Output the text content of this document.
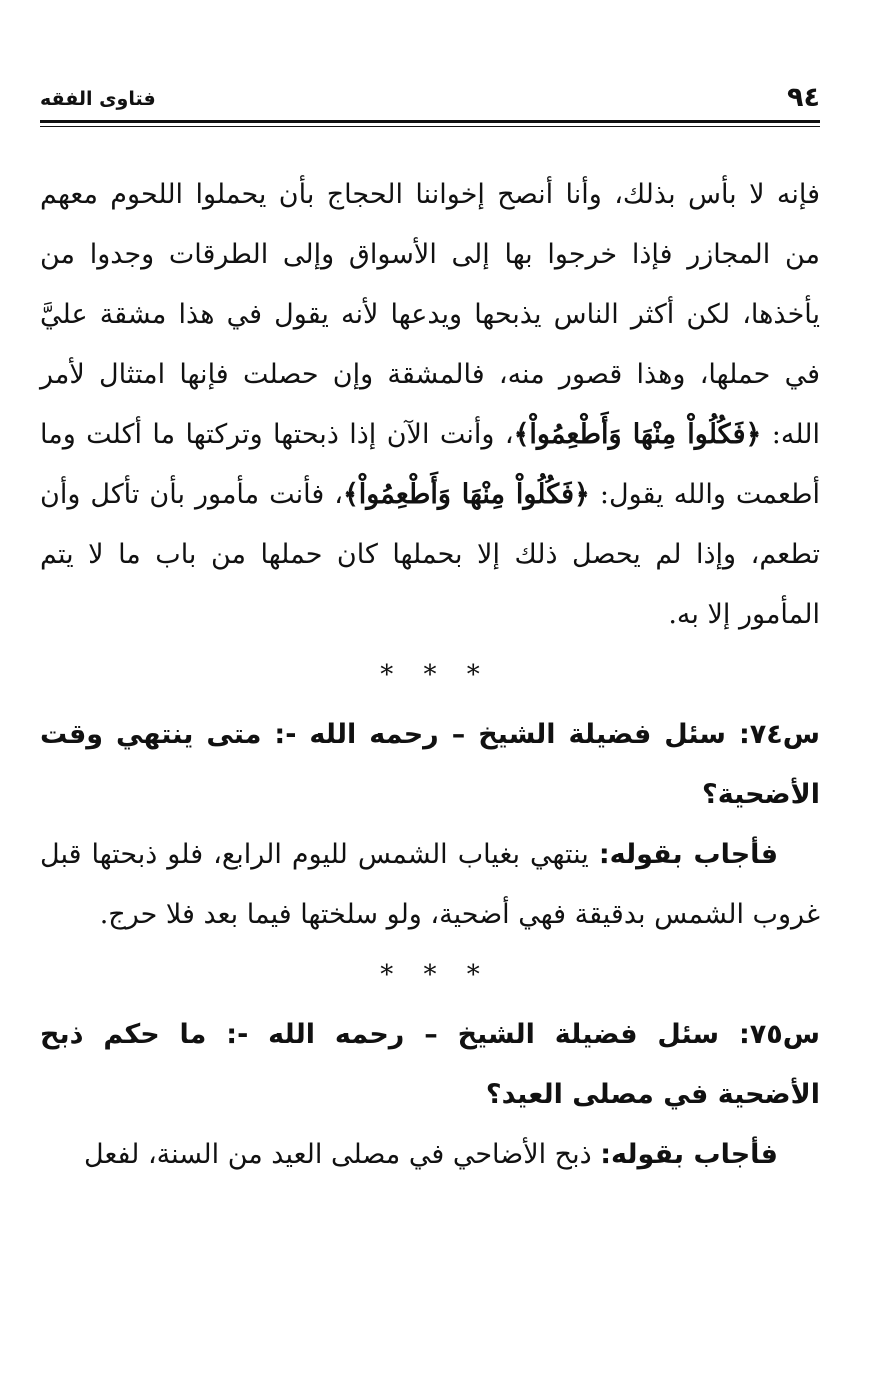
٩٤
فتاوى الفقه

فإنه لا بأس بذلك، وأنا أنصح إخواننا الحجاج بأن يحملوا اللحوم معهم من المجازر فإذا خرجوا بها إلى الأسواق وإلى الطرقات وجدوا من يأخذها، لكن أكثر الناس يذبحها ويدعها لأنه يقول في هذا مشقة عليَّ في حملها، وهذا قصور منه، فالمشقة وإن حصلت فإنها امتثال لأمر الله: ﴿فَكُلُواْ مِنْهَا وَأَطْعِمُواْ﴾، وأنت الآن إذا ذبحتها وتركتها ما أكلت وما أطعمت والله يقول: ﴿فَكُلُواْ مِنْهَا وَأَطْعِمُواْ﴾، فأنت مأمور بأن تأكل وأن تطعم، وإذا لم يحصل ذلك إلا بحملها كان حملها من باب ما لا يتم المأمور إلا به.

* * *

س٧٤: سئل فضيلة الشيخ – رحمه الله -: متى ينتهي وقت الأضحية؟

فأجاب بقوله: ينتهي بغياب الشمس لليوم الرابع، فلو ذبحتها قبل غروب الشمس بدقيقة فهي أضحية، ولو سلختها فيما بعد فلا حرج.

* * *

س٧٥: سئل فضيلة الشيخ – رحمه الله -: ما حكم ذبح الأضحية في مصلى العيد؟

فأجاب بقوله: ذبح الأضاحي في مصلى العيد من السنة، لفعل
